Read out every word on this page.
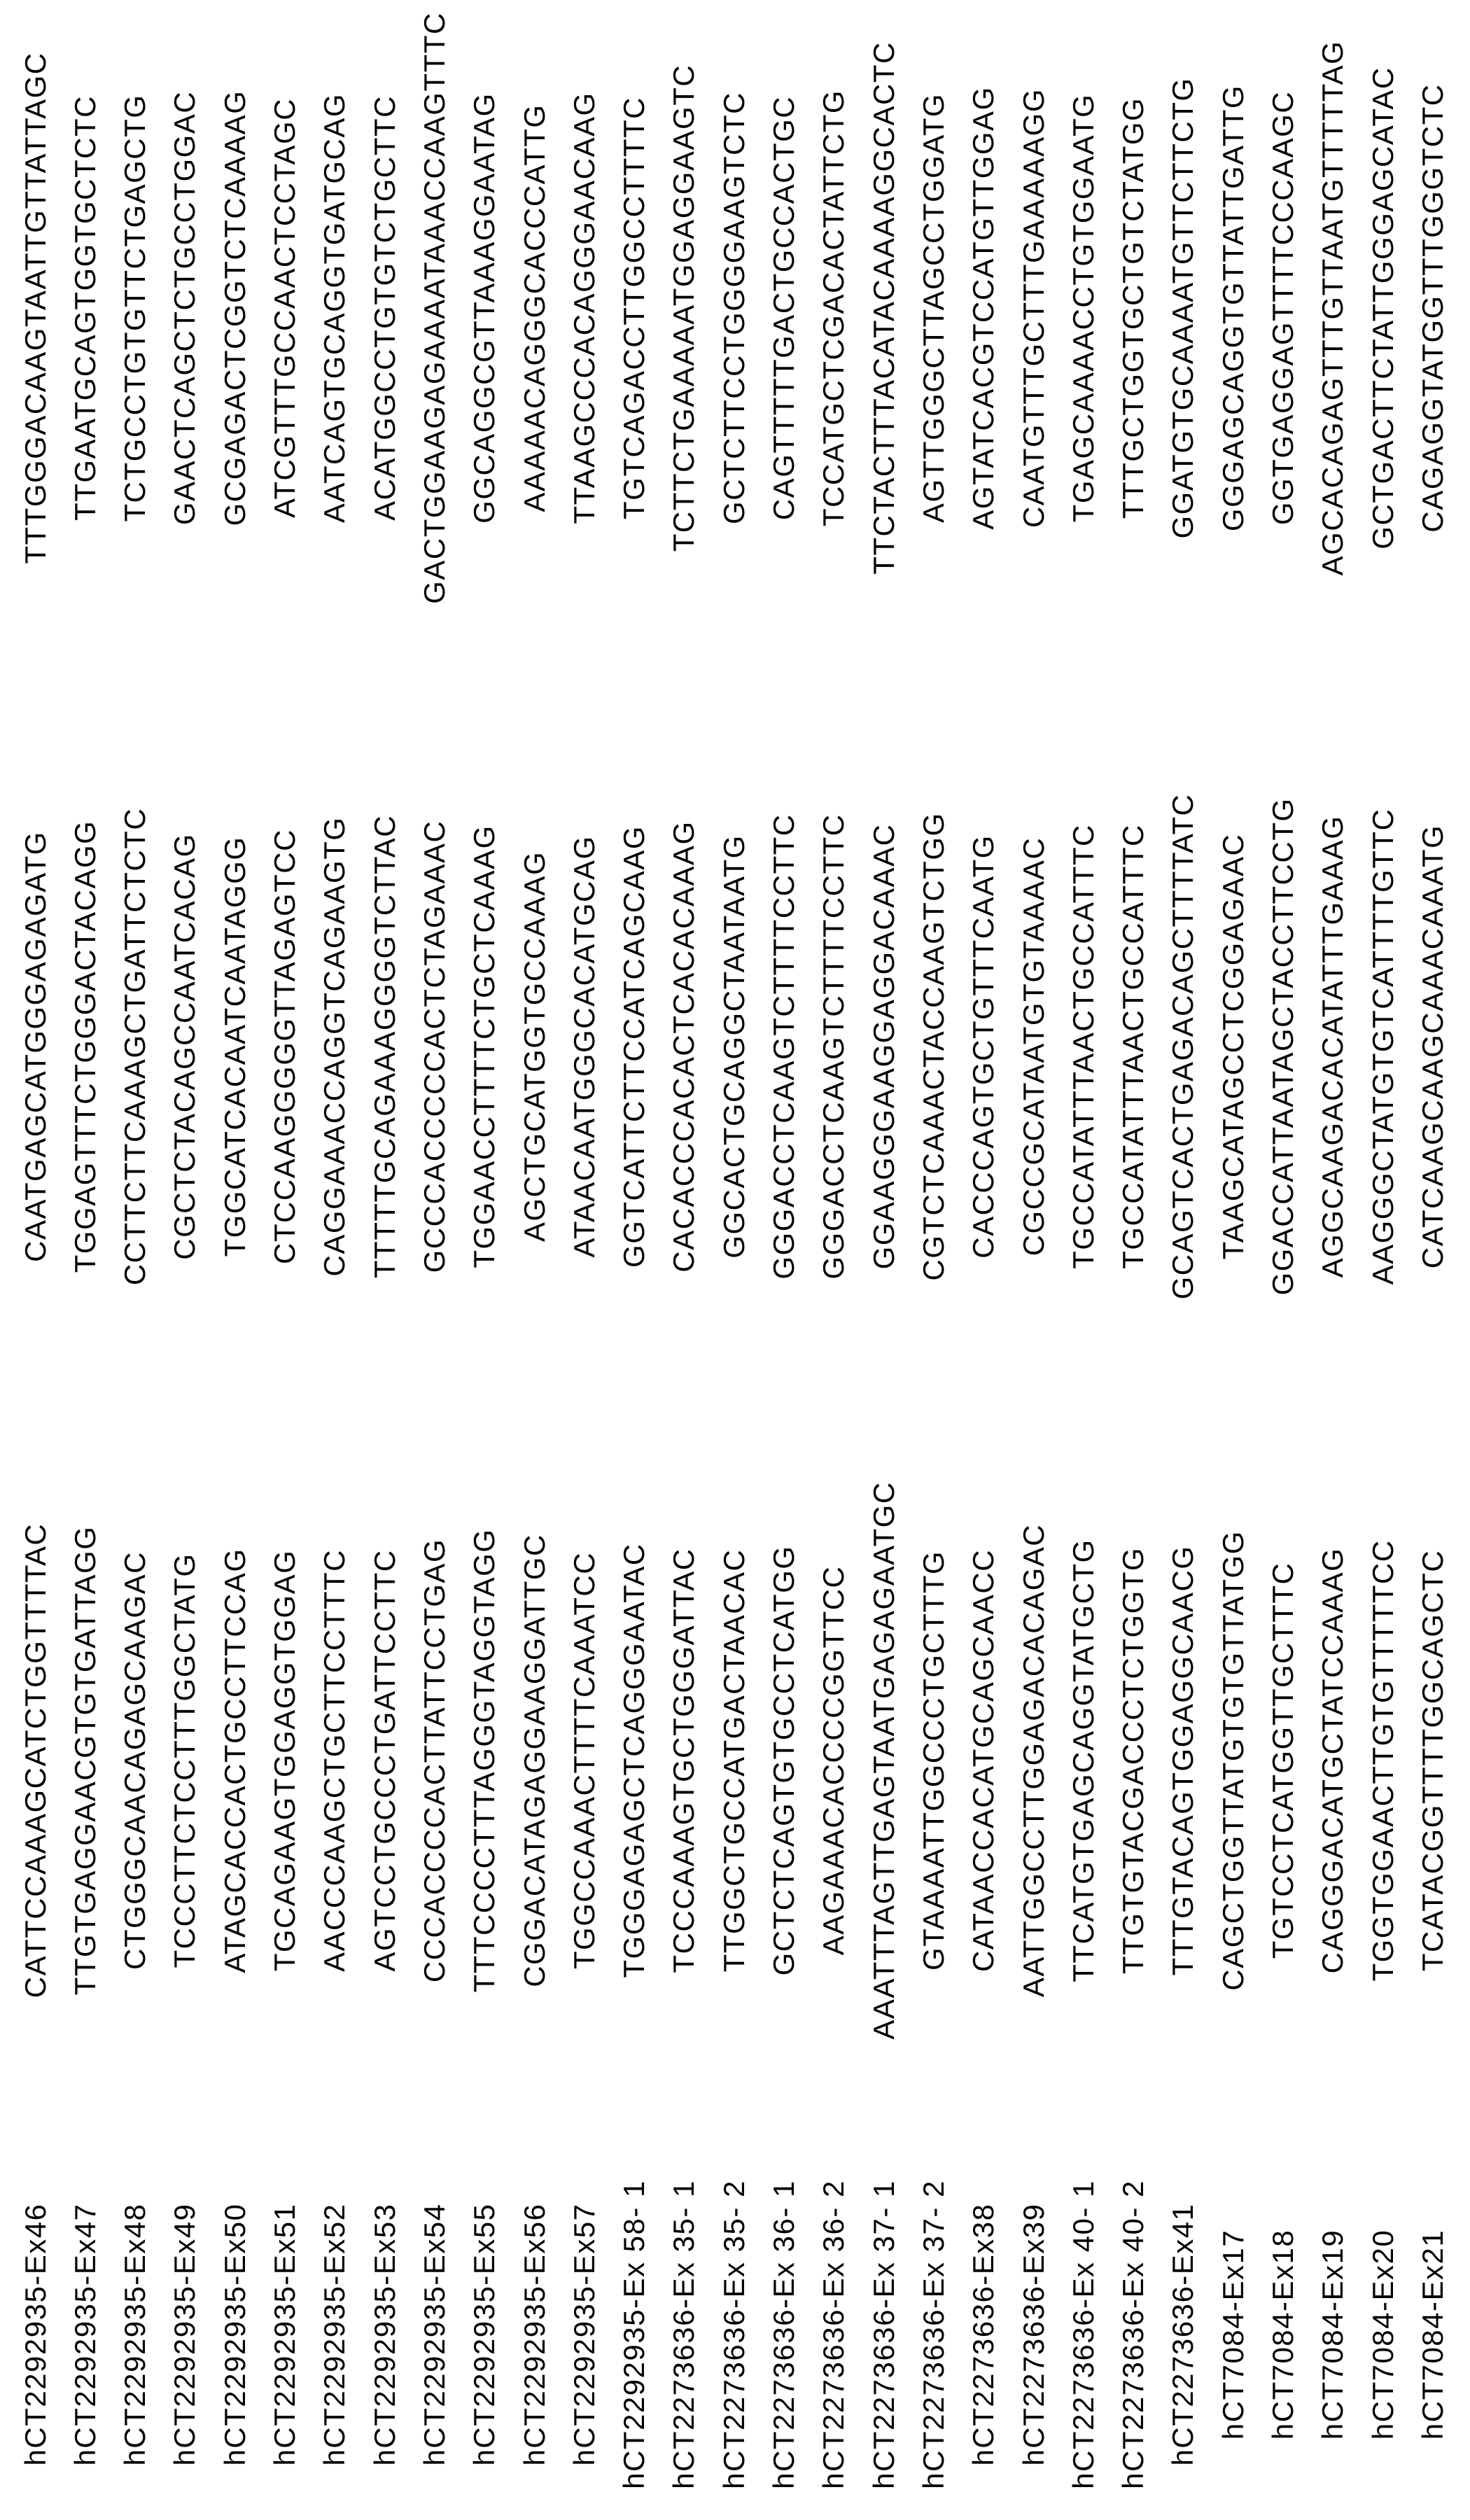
hCT2292935-Ex46
CATTCCAAAGCATCTGGTTTTAC
CAATGAGCATGGGAGAGATG
TTTGGGACAAGTAATTGTTATTAGC
hCT2292935-Ex47
TTGTGAGGAACGTGTGATTAGG
TGGAGTTTCTGGGACTACAGG
TTGAATGCAGTGGTGCTCTC
hCT2292935-Ex48
CTGGGCAACAGAGCAAGAC
CCTTCTTCAAAGCTGATTCTCTC
TCTGCCTGTGTTCTGAGCTG
hCT2292935-Ex49
TCCCTTCTCCTTTGGCTATG
CGCTCTACAGCCAATCACAG
GAACTCAGCTCTGCCTGGAC
hCT2292935-Ex50
ATAGCACCACTGCCTTCCAG
TGGCATCACAATCAATAGGG
GCGAGACTCGGTCTCAAAAG
hCT2292935-Ex51
TGCAGAAGTGGAGGTGGAG
CTCCAAGGGGGTTAGAGTCC
ATCGTTTGCCAACTCCTAGC
hCT2292935-Ex52
AACCCAAGCTGCTTCCTTTC
CAGGAAACCAGGTCAGAAGTG
AATCAGTGCAGGTGATGCAG
hCT2292935-Ex53
AGTCCTGCCCTGATTCCTTC
TTTTTGCAGAAAGGGGTCTTAC
ACATGGCCTGTGTCTGCTTC
hCT2292935-Ex54
CCCACCCCACTTATTCCTGAG
GCCCACCCCCACTCTAGAAAC
GACTGGAAGAGAAAATAAACCAAGTTTC
hCT2292935-Ex55
TTTCCCCTTTAGGGTAGGTAGG
TGGAACCTTTTCTGCTCAAAG
GGCAGGCGTTAAAGGAATAG
hCT2292935-Ex56
CGGACATAGAGGAAGGATTGC
AGCTGCATGGTGCCAAAG
AAAAACAGGGCACCCATTG
hCT2292935-Ex57
TGGCCAAACTTTTCAAATCC
ATAACAATGGGCACATGCAG
TTAAGCCCACAGGGAACAAG
hCT2292935-Ex 58- 1
TGGGAGAGCTCAGGGAATAC
GGTCATTCTTCCATCAGCAAG
TGTCAGACCTTGGCCTTTTC
hCT2273636-Ex 35- 1
TCCCAAAGTGCTGGGATTAC
CACACCCACACTCACACAAAG
TCTTCTGAAAAATGGAGGAAGTC
hCT2273636-Ex 35- 2
TTGGCTGCCATGACTAACAC
GGCACTGCAGGCTAATAATG
GCTCTTCCTGGGGAAGTCTC
hCT2273636-Ex 36- 1
GCTCTCAGTGTGCCTCATGG
GGGACCTCAAGTCTTTTCCTTC
CAGTTTTTGACTGCCACTGC
hCT2273636-Ex 36- 2
AAGAAACACCCCGGTTCC
GGGACCTCAAGTCTTTTCCTTC
TCCATGCTCGACACTATTCTG
hCT2273636-Ex 37- 1
AAATTTAGTTGAGTAATGAGAGAATGC
GGAAGGGAAGGAGGACAAAC
TTCTACTTTACATACAAAAGGCACTC
hCT2273636-Ex 37- 2
GTAAAATTGGCCCTGCTTTG
CGTCTCAAACTACCAAGTCTGG
AGTTGGGCTTAGCCTGGATG
hCT2273636-Ex38
CATAACCACATGCAGCAACC
CACCCAGTGCTGTTTCAATG
AGTATCACGTCCATGTTGGAG
hCT2273636-Ex39
AATTGGCCTTGGAGACACAGAC
CGCCGCATAATGTGTAAAAC
CAATGTTTGCTTTGAAAAAGG
hCT2273636-Ex 40- 1
TTCATGTGAGCAGGTATGCTG
TGCCATATTTAACTGCCATTTC
TGAGCAAAACCTGTGGAATG
hCT2273636-Ex 40- 2
TTGTGTACGACCCTCTGGTG
TGCCATATTTAACTGCCATTTC
TTTGCTGGTGCTGTCTATGG
hCT2273636-Ex41
TTTGTACAGTGGAGGCAACG
GCAGTCACTGAGACAGCTTTTATC
GGATGTGCAAAATGTTCTTCTG
hCT7084-Ex17
CAGCTGGTTATGTGTGTTATGG
TAAGCATAGCCTCGGAGAAC
GGGAGCAGGTGTTATTGATTG
hCT7084-Ex18
TGTCCTCATGGTTGCTTTC
GGACCATTAATAGCTACCTTCCTG
GGTGAGGAGTTTTCCCAAGC
hCT7084-Ex19
CAGGGACATGCTATCCAAAG
AGGCAAGACACATATTTGAAAG
AGCACAGAGTTTGTTAATGTTTTTAG
hCT7084-Ex20
TGGTGGAACTTGTGTTTTTCC
AAGGGCTATGTGTCATTTTGTTC
GCTGACTTCTATTGGGAGCATAC
hCT7084-Ex21
TCATACGGTTTTGGCAGCTC
CATCAAGCAAGCAAACAAATG
CAGAGGTATGGTTTGGGTCTC
